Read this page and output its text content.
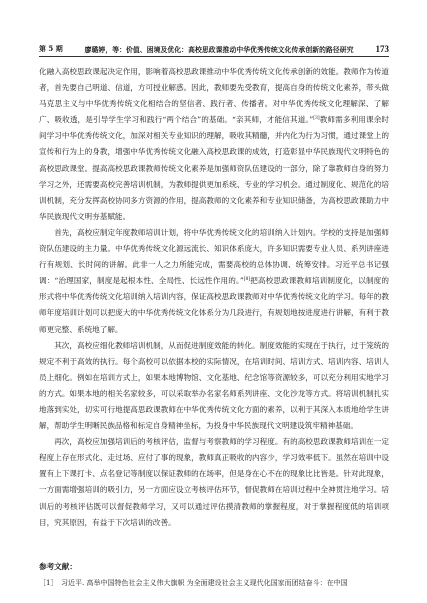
第 5 期	廖璐婷，等：价值、困境及优化：高校思政课推动中华优秀传统文化传承创新的路径研究 173

化融入高校思政课起决定作用，影响着高校思政课推动中华优秀传统文化传承创新的效能。教师作为传道者，首先要自己明道、信道，方可授业解惑。因此，教师要先受教育，提高自身的传统文化素养，带头做马克思主义与中华优秀传统文化相结合的坚信者、践行者、传播者。对中华优秀传统文化理解深、了解广、吸收透，是引导学生学习和践行“两个结合”的基础。“亲其师，才能信其道。”[3]教师需多利用课余时间学习中华优秀传统文化，加深对相关专业知识的理解，吸收其精髓，并内化为行为习惯，通过课堂上的宣传和行为上的身教，增强中华优秀传统文化融入高校思政课的成效，打造彰显中华民族现代文明特色的高校思政课堂。提高高校思政课教师传统文化素养是加强师资队伍建设的一部分，除了靠教师自身的努力学习之外，还需要高校完善培训机制，为教师提供更加系统、专业的学习机会。通过制度化、规范化的培训机制，充分发挥高校协同多方资源的作用，提高教师的文化素养和专业知识储备，为高校思政课助力中华民族现代文明夯基赋能。

首先，高校应制定年度教师培训计划，将中华优秀传统文化的培训纳入计划内。学校的支持是加强师资队伍建设的主力量。中华优秀传统文化源远流长、知识体系庞大，许多知识需要专业人员、系列讲座进行有规划、长时间的讲解。此非一人之力所能完成，需要高校的总体协调、统筹安排。习近平总书记强调：“治理国家，制度是起根本性、全局性、长远性作用的。”[8]把高校思政课教师培训制度化，以制度的形式将中华优秀传统文化培训纳入培训内容，保证高校思政课教师对中华优秀传统文化的学习。每年的教师年度培训计划可以把庞大的中华优秀传统文化体系分为几段进行，有规划地按进度进行讲解，有利于教师更完整、系统地了解。

其次，高校应细化教师培训机制，从而促进制度效能的转化。制度效能的实现在于执行，过于笼统的规定不利于高效的执行。每个高校可以依据本校的实际情况，在培训时间、培训方式、培训内容、培训人员上细化。例如在培训方式上，如果本地博物馆、文化基地、纪念馆等资源较多，可以充分利用实地学习的方式。如果本地的相关名家较多，可以采取举办名家名师系列讲座、文化沙龙等方式。将培训机制扎实地落到实处，切实可行地提高思政课教师在中华优秀传统文化方面的素养，以利于其深入本质地给学生讲解，帮助学生明晰民族品格和标定自身精神坐标，为投身中华民族现代文明建设筑牢精神基础。

再次，高校应加强培训后的考核评估，监督与考察教师的学习程度。有的高校思政课教师培训在一定程度上存在形式化、走过场、应付了事的现象，教师真正吸收的内容少，学习效率低下。虽然在培训中设置有上下课打卡、点名登记等制度以保证教师的在场率，但是身在心不在的现象比比皆是。针对此现象，一方面需增强培训的吸引力，另一方面应设立考核评估环节，督促教师在培训过程中全神贯注地学习。培训后的考核评估既可以督促教师学习，又可以通过评估摸清教师的掌握程度，对于掌握程度低的培训项目，究其原因，有益于下次培训的改善。

参考文献：
［1］ 习近平. 高举中国特色社会主义伟大旗帜 为全面建设社会主义现代化国家而团结奋斗：在中国
